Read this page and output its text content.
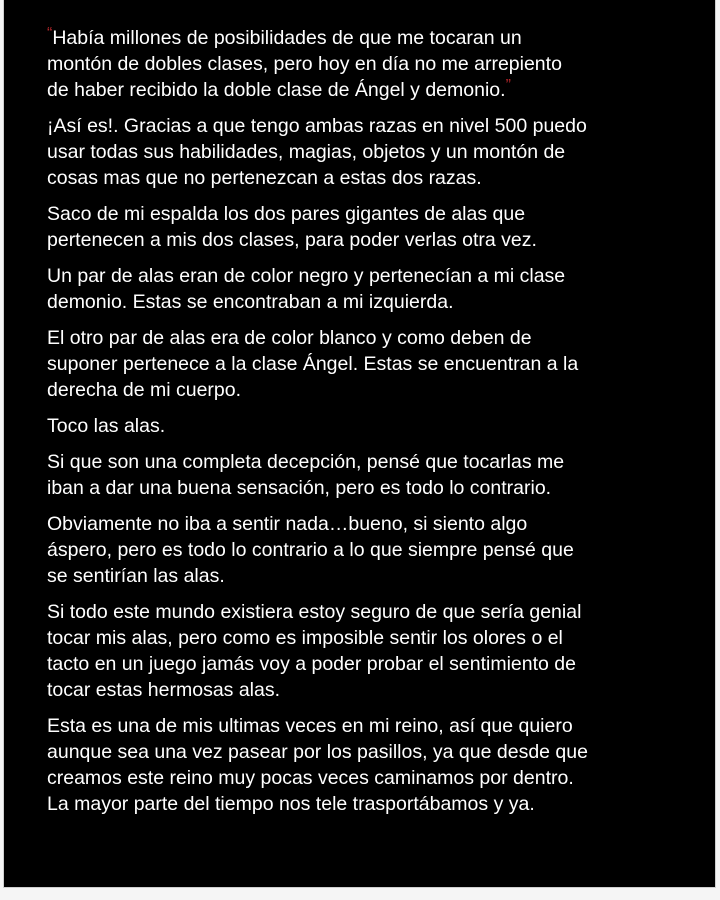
“Había millones de posibilidades de que me tocaran un
montón de dobles clases, pero hoy en día no me arrepiento
de haber recibido la doble clase de Ángel y demonio.”

¡Así es!. Gracias a que tengo ambas razas en nivel 500 puedo
usar todas sus habilidades, magias, objetos y un montón de
cosas mas que no pertenezcan a estas dos razas.

Saco de mi espalda los dos pares gigantes de alas que
pertenecen a mis dos clases, para poder verlas otra vez.

Un par de alas eran de color negro y pertenecían a mi clase
demonio. Estas se encontraban a mi izquierda.

El otro par de alas era de color blanco y como deben de
suponer pertenece a la clase Ángel. Estas se encuentran a la
derecha de mi cuerpo.

Toco las alas.

Si que son una completa decepción, pensé que tocarlas me
iban a dar una buena sensación, pero es todo lo contrario.

Obviamente no iba a sentir nada…bueno, si siento algo
áspero, pero es todo lo contrario a lo que siempre pensé que
se sentirían las alas.

Si todo este mundo existiera estoy seguro de que sería genial
tocar mis alas, pero como es imposible sentir los olores o el
tacto en un juego jamás voy a poder probar el sentimiento de
tocar estas hermosas alas.

Esta es una de mis ultimas veces en mi reino, así que quiero
aunque sea una vez pasear por los pasillos, ya que desde que
creamos este reino muy pocas veces caminamos por dentro.
La mayor parte del tiempo nos tele trasportábamos y ya.
